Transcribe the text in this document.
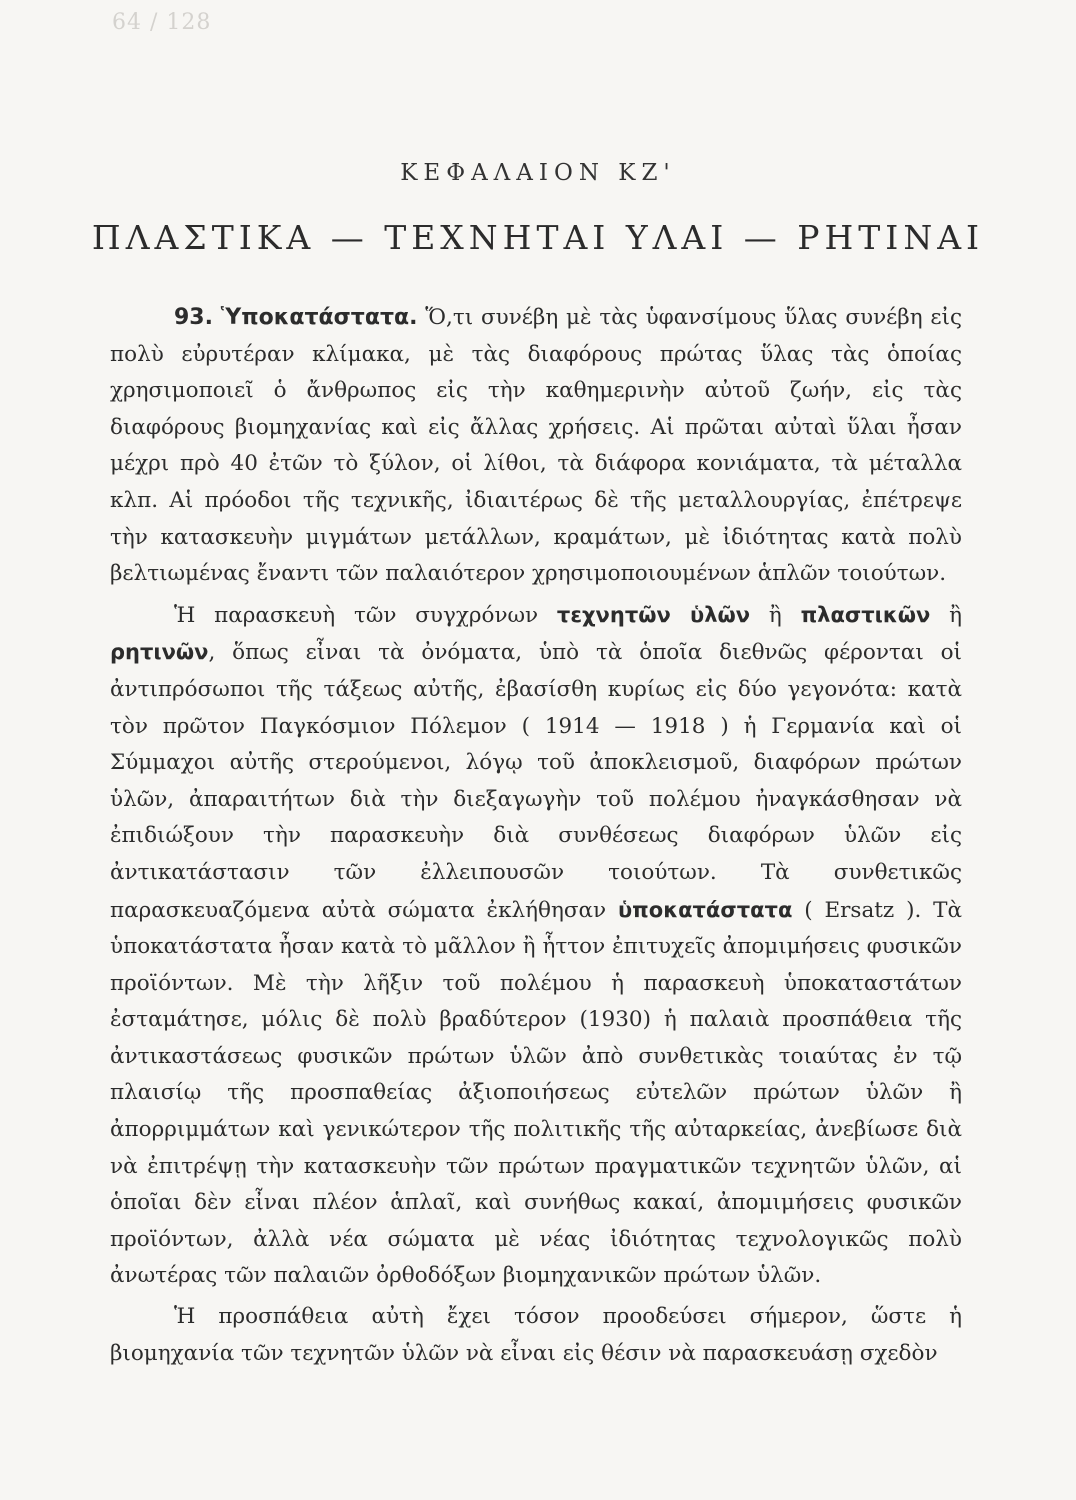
64 / 128
ΚΕΦΑΛΑΙΟΝ ΚΖ'
ΠΛΑΣΤΙΚΑ — ΤΕΧΝΗΤΑΙ ΥΛΑΙ — ΡΗΤΙΝΑΙ

93. Ὑποκατάστατα. Ὅ,τι συνέβη μὲ τὰς ὑφανσίμους ὕλας συνέβη εἰς πολὺ εὐρυτέραν κλίμακα, μὲ τὰς διαφόρους πρώτας ὕλας τὰς ὁποίας χρησιμοποιεῖ ὁ ἄνθρωπος εἰς τὴν καθημερινὴν αὐτοῦ ζωήν, εἰς τὰς διαφόρους βιομηχανίας καὶ εἰς ἄλλας χρήσεις. Αἱ πρῶται αὐταὶ ὕλαι ἦσαν μέχρι πρὸ 40 ἐτῶν τὸ ξύλον, οἱ λίθοι, τὰ διάφορα κονιάματα, τὰ μέταλλα κλπ. Αἱ πρόοδοι τῆς τεχνικῆς, ἰδιαιτέρως δὲ τῆς μεταλλουργίας, ἐπέτρεψε τὴν κατασκευὴν μιγμάτων μετάλλων, κραμάτων, μὲ ἰδιότητας κατὰ πολὺ βελτιωμένας ἔναντι τῶν παλαιότερον χρησιμοποιουμένων ἁπλῶν τοιούτων.

Ἡ παρασκευὴ τῶν συγχρόνων τεχνητῶν ὑλῶν ἢ πλαστικῶν ἢ ρητινῶν, ὅπως εἶναι τὰ ὀνόματα, ὑπὸ τὰ ὁποῖα διεθνῶς φέρονται οἱ ἀντιπρόσωποι τῆς τάξεως αὐτῆς, ἐβασίσθη κυρίως εἰς δύο γεγονότα: κατὰ τὸν πρῶτον Παγκόσμιον Πόλεμον ( 1914 — 1918 ) ἡ Γερμανία καὶ οἱ Σύμμαχοι αὐτῆς στερούμενοι, λόγῳ τοῦ ἀποκλεισμοῦ, διαφόρων πρώτων ὑλῶν, ἀπαραιτήτων διὰ τὴν διεξαγωγὴν τοῦ πολέμου ἠναγκάσθησαν νὰ ἐπιδιώξουν τὴν παρασκευὴν διὰ συνθέσεως διαφόρων ὑλῶν εἰς ἀντικατάστασιν τῶν ἐλλειπουσῶν τοιούτων. Τὰ συνθετικῶς παρασκευαζόμενα αὐτὰ σώματα ἐκλήθησαν ὑποκατάστατα ( Ersatz ). Τὰ ὑποκατάστατα ἦσαν κατὰ τὸ μᾶλλον ἢ ἧττον ἐπιτυχεῖς ἀπομιμήσεις φυσικῶν προϊόντων. Μὲ τὴν λῆξιν τοῦ πολέμου ἡ παρασκευὴ ὑποκαταστάτων ἐσταμάτησε, μόλις δὲ πολὺ βραδύτερον (1930) ἡ παλαιὰ προσπάθεια τῆς ἀντικαστάσεως φυσικῶν πρώτων ὑλῶν ἀπὸ συνθετικὰς τοιαύτας ἐν τῷ πλαισίῳ τῆς προσπαθείας ἀξιοποιήσεως εὐτελῶν πρώτων ὑλῶν ἢ ἀπορριμμάτων καὶ γενικώτερον τῆς πολιτικῆς τῆς αὐταρκείας, ἀνεβίωσε διὰ νὰ ἐπιτρέψῃ τὴν κατασκευὴν τῶν πρώτων πραγματικῶν τεχνητῶν ὑλῶν, αἱ ὁποῖαι δὲν εἶναι πλέον ἁπλαῖ, καὶ συνήθως κακαί, ἀπομιμήσεις φυσικῶν προϊόντων, ἀλλὰ νέα σώματα μὲ νέας ἰδιότητας τεχνολογικῶς πολὺ ἀνωτέρας τῶν παλαιῶν ὀρθοδόξων βιομηχανικῶν πρώτων ὑλῶν.

Ἡ προσπάθεια αὐτὴ ἔχει τόσον προοδεύσει σήμερον, ὥστε ἡ βιομηχανία τῶν τεχνητῶν ὑλῶν νὰ εἶναι εἰς θέσιν νὰ παρασκευάσῃ σχεδὸν
